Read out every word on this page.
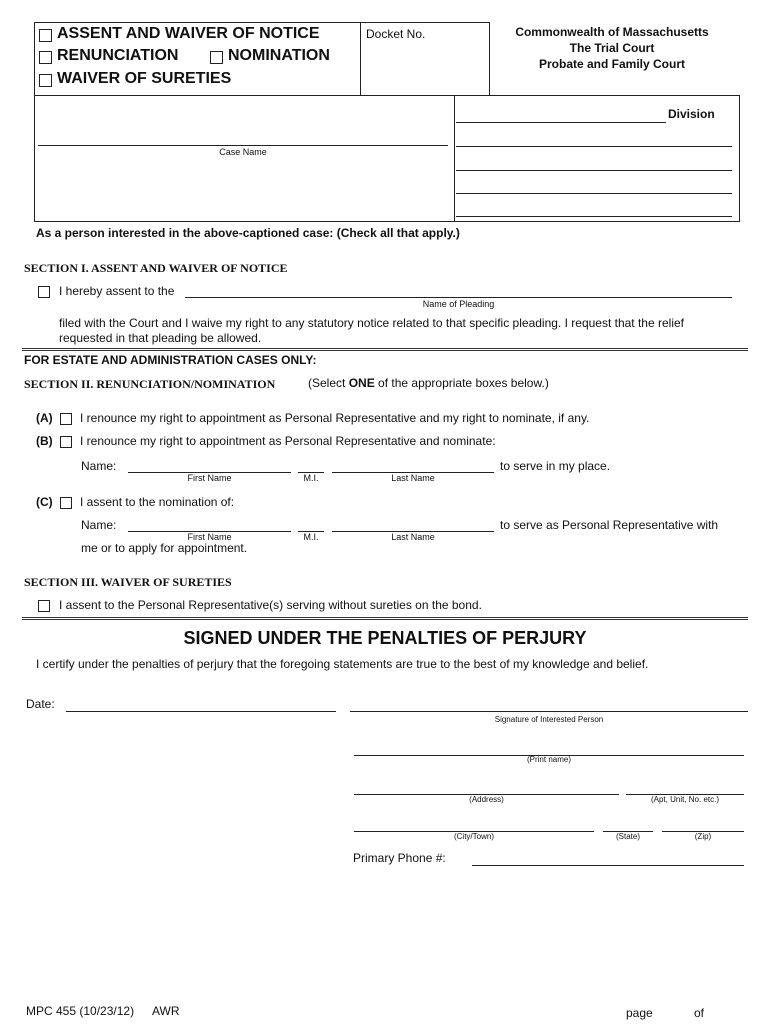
ASSENT AND WAIVER OF NOTICE
RENUNCIATION	NOMINATION
WAIVER OF SURETIES
Docket No.	Commonwealth of Massachusetts
The Trial Court
Probate and Family Court
Division
Case Name
As a person interested in the above-captioned case: (Check all that apply.)
SECTION I. ASSENT AND WAIVER OF NOTICE
I hereby assent to the
Name of Pleading
filed with the Court and I waive my right to any statutory notice related to that specific pleading. I request that the relief
requested in that pleading be allowed.
FOR ESTATE AND ADMINISTRATION CASES ONLY:
SECTION II. RENUNCIATION/NOMINATION	(Select ONE of the appropriate boxes below.)
(A) I renounce my right to appointment as Personal Representative and my right to nominate, if any.
(B) I renounce my right to appointment as Personal Representative and nominate:
Name:
First Name	M.I.	Last Name
to serve in my place.
(C) I assent to the nomination of:
Name:
First Name	M.I.	Last Name
to serve as Personal Representative with
me or to apply for appointment.
SECTION III. WAIVER OF SURETIES
I assent to the Personal Representative(s) serving without sureties on the bond.
SIGNED UNDER THE PENALTIES OF PERJURY
I certify under the penalties of perjury that the foregoing statements are true to the best of my knowledge and belief.
Date:
Signature of Interested Person
(Print name)
(Address)	(Apt, Unit, No. etc.)
(City/Town)	(State)	(Zip)
Primary Phone #:
MPC 455 (10/23/12) AWR	page	of
